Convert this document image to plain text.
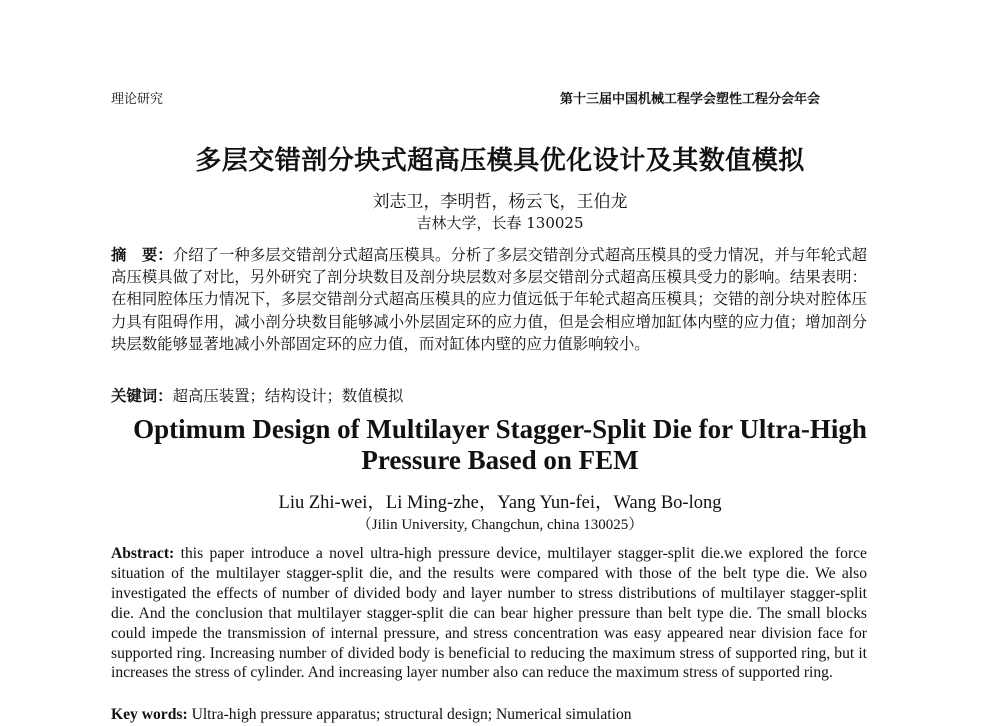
理论研究	第十三届中国机械工程学会塑性工程分会年会
多层交错剖分块式超高压模具优化设计及其数值模拟
刘志卫，李明哲，杨云飞，王伯龙
吉林大学，长春 130025
摘　要：介绍了一种多层交错剖分式超高压模具。分析了多层交错剖分式超高压模具的受力情况，并与年轮式超高压模具做了对比，另外研究了剖分块数目及剖分块层数对多层交错剖分式超高压模具受力的影响。结果表明：在相同腔体压力情况下，多层交错剖分式超高压模具的应力值远低于年轮式超高压模具；交错的剖分块对腔体压力具有阻碍作用，减小剖分块数目能够减小外层固定环的应力值，但是会相应增加缸体内壁的应力值；增加剖分块层数能够显著地减小外部固定环的应力值，而对缸体内壁的应力值影响较小。
关键词：超高压装置；结构设计；数值模拟
Optimum Design of Multilayer Stagger-Split Die for Ultra-High Pressure Based on FEM
Liu Zhi-wei，Li Ming-zhe，Yang Yun-fei，Wang Bo-long
（Jilin University, Changchun, china 130025）
Abstract: this paper introduce a novel ultra-high pressure device, multilayer stagger-split die.we explored the force situation of the multilayer stagger-split die, and the results were compared with those of the belt type die. We also investigated the effects of number of divided body and layer number to stress distributions of multilayer stagger-split die. And the conclusion that multilayer stagger-split die can bear higher pressure than belt type die. The small blocks could impede the transmission of internal pressure, and stress concentration was easy appeared near division face for supported ring. Increasing number of divided body is beneficial to reducing the maximum stress of supported ring, but it increases the stress of cylinder. And increasing layer number also can reduce the maximum stress of supported ring.
Key words: Ultra-high pressure apparatus; structural design; Numerical simulation
